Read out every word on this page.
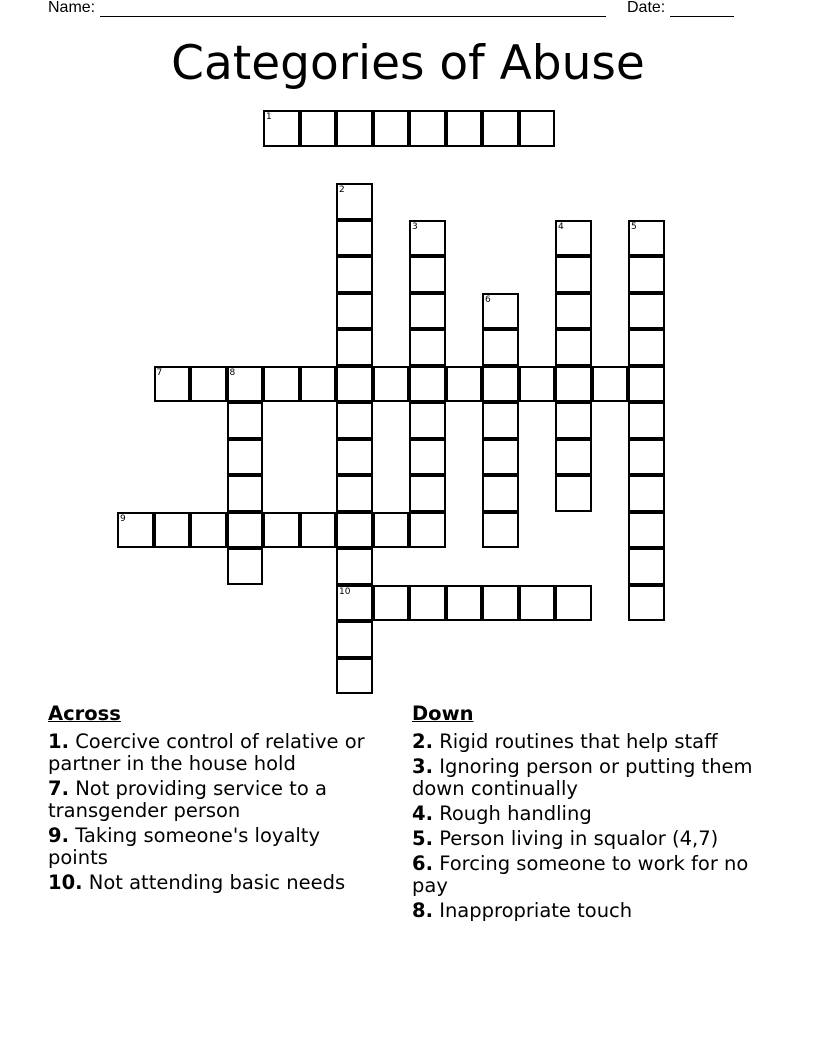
Name:	Date:
Categories of Abuse
1
2
10
3	4	5
6
7	8
9
Across
1. Coercive control of relative or partner in the house hold
7. Not providing service to a transgender person
9. Taking someone's loyalty points
10. Not attending basic needs
Down
2. Rigid routines that help staff
3. Ignoring person or putting them down continually
4. Rough handling
5. Person living in squalor (4,7)
6. Forcing someone to work for no pay
8. Inappropriate touch
